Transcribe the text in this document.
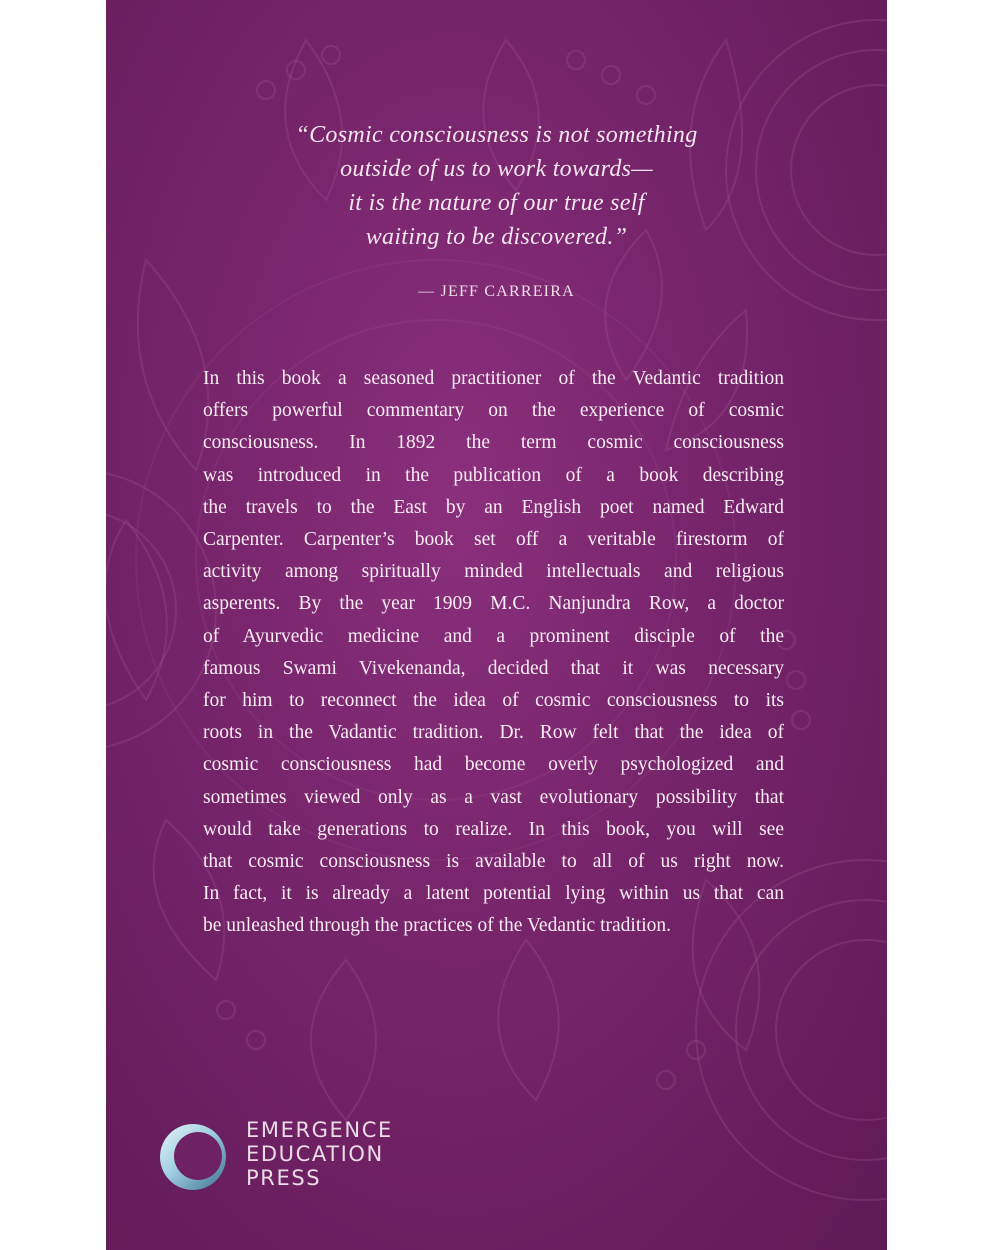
“Cosmic consciousness is not something
outside of us to work towards—
it is the nature of our true self
waiting to be discovered.”
— JEFF CARREIRA
In this book a seasoned practitioner of the Vedantic tradition
offers powerful commentary on the experience of cosmic
consciousness. In 1892 the term cosmic consciousness
was introduced in the publication of a book describing
the travels to the East by an English poet named Edward
Carpenter. Carpenter’s book set off a veritable firestorm of
activity among spiritually minded intellectuals and religious
asperents. By the year 1909 M.C. Nanjundra Row, a doctor
of Ayurvedic medicine and a prominent disciple of the
famous Swami Vivekenanda, decided that it was necessary
for him to reconnect the idea of cosmic consciousness to its
roots in the Vadantic tradition. Dr. Row felt that the idea of
cosmic consciousness had become overly psychologized and
sometimes viewed only as a vast evolutionary possibility that
would take generations to realize. In this book, you will see
that cosmic consciousness is available to all of us right now.
In fact, it is already a latent potential lying within us that can
be unleashed through the practices of the Vedantic tradition.
EMERGENCE
EDUCATION
PRESS
